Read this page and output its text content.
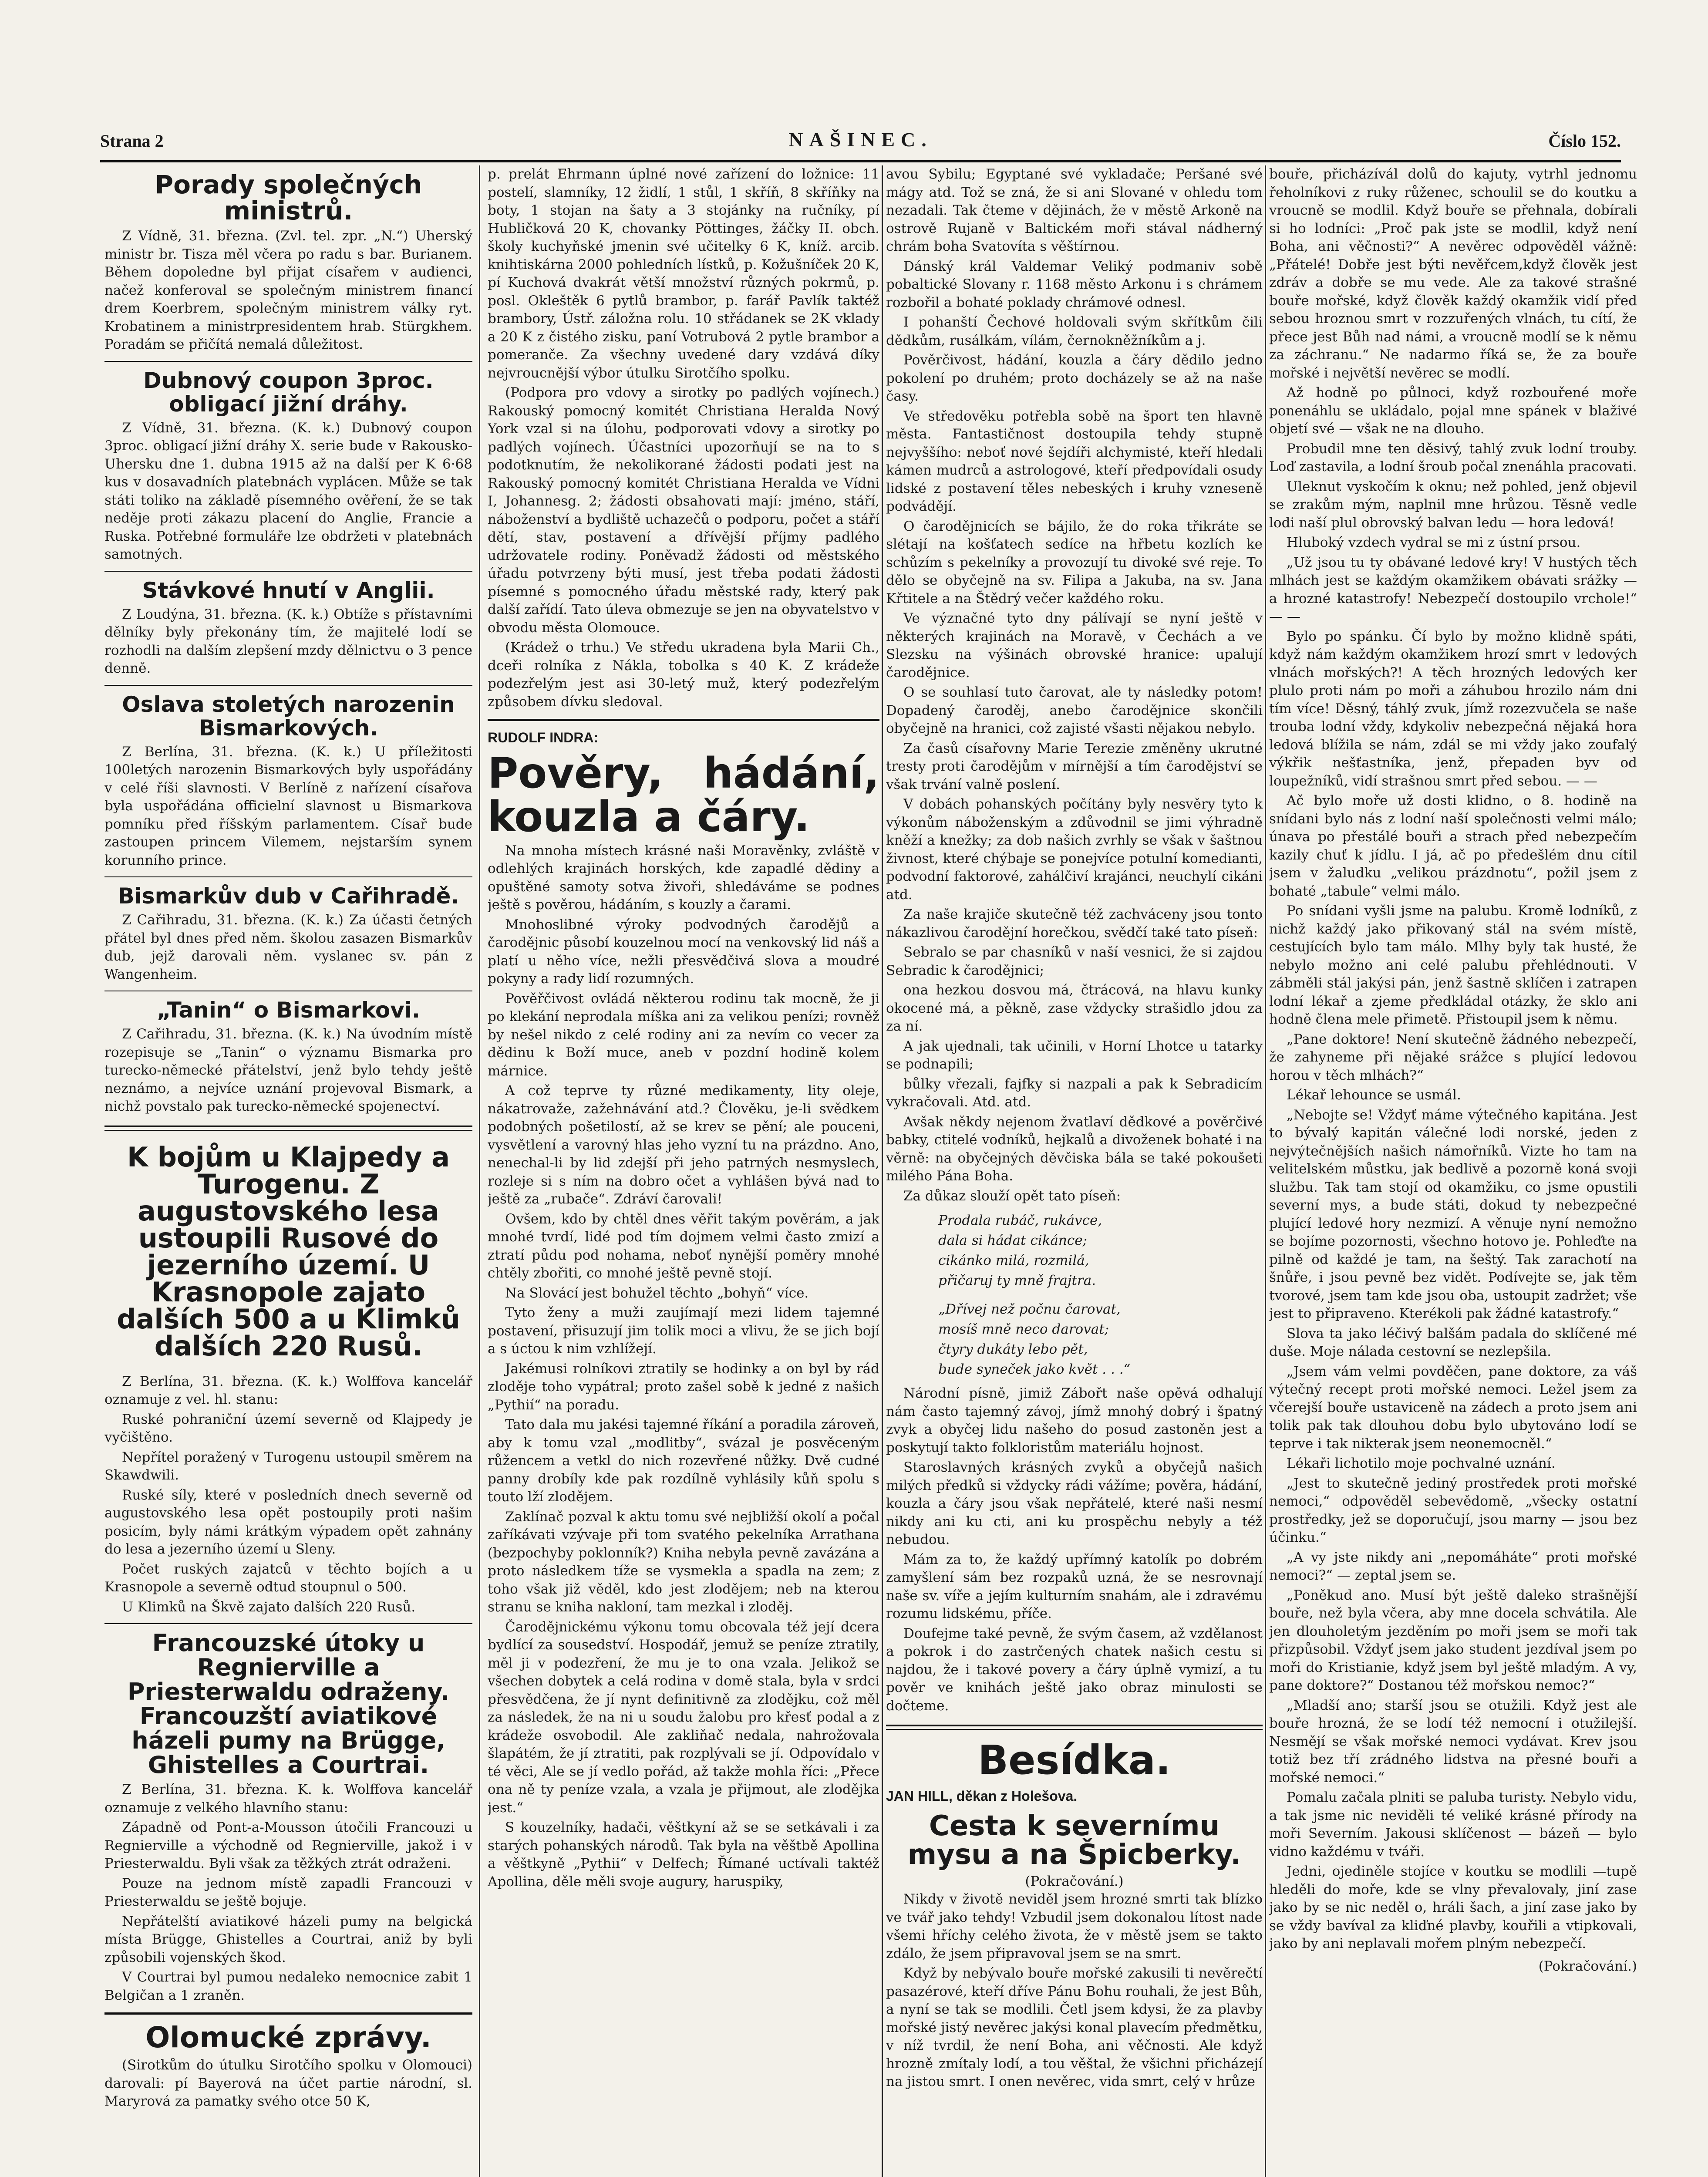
Strana 2	NAŠINEC.	Číslo 152.
Porady společných ministrů.

Z Vídně, 31. března. (Zvl. tel. zpr. „N.“) Uherský ministr br. Tisza měl včera po radu s bar. Burianem. Během dopoledne byl přijat císařem v audienci, načež konferoval se společným ministrem financí drem Koerbrem, společným ministrem války ryt. Krobatinem a ministrpresidentem hrab. Stürgkhem. Poradám se přičítá nemalá důležitost.

Dubnový coupon 3proc. obligací jižní dráhy.

Z Vídně, 31. března. (K. k.) Dubnový coupon 3proc. obligací jižní dráhy X. serie bude v Rakousko-Uhersku dne 1. dubna 1915 až na další per K 6·68 kus v dosavadních platebnách vyplácen. Může se tak státi toliko na základě písemného ověření, že se tak neděje proti zákazu placení do Anglie, Francie a Ruska. Potřebné formuláře lze obdržeti v platebnách samotných.

Stávkové hnutí v Anglii.

Z Loudýna, 31. března. (K. k.) Obtíže s přístavními dělníky byly překonány tím, že majitelé lodí se rozhodli na dalším zlepšení mzdy dělnictvu o 3 pence denně.

Oslava stoletých narozenin Bismarkových.

Z Berlína, 31. března. (K. k.) U příležitosti 100letých narozenin Bismarkových byly uspořádány v celé říši slavnosti. V Berlíně z nařízení císařova byla uspořádána officielní slavnost u Bismarkova pomníku před říšským parlamentem. Císař bude zastoupen princem Vilemem, nejstarším synem korunního prince.

Bismarkův dub v Cařihradě.

Z Cařihradu, 31. března. (K. k.) Za účasti četných přátel byl dnes před něm. školou zasazen Bismarkův dub, jejž darovali něm. vyslanec sv. pán z Wangenheim.

„Tanin“ o Bismarkovi.

Z Cařihradu, 31. března. (K. k.) Na úvodním místě rozepisuje se „Tanin“ o významu Bismarka pro turecko-německé přátelství, jenž bylo tehdy ještě neznámo, a nejvíce uznání projevoval Bismark, a nichž povstalo pak turecko-německé spojenectví.

K bojům u Klajpedy a Turogenu. Z augustovského lesa ustoupili Rusové do jezerního území. U Krasnopole zajato dalších 500 a u Klimků dalších 220 Rusů.

Z Berlína, 31. března. (K. k.) Wolffova kancelář oznamuje z vel. hl. stanu:

Ruské pohraniční území severně od Klajpedy je vyčištěno.

Nepřítel poražený v Turogenu ustoupil směrem na Skawdwili.

Ruské síly, které v posledních dnech severně od augustovského lesa opět postoupily proti našim posicím, byly námi krátkým výpadem opět zahnány do lesa a jezerního území u Sleny.

Počet ruských zajatců v těchto bojích a u Krasnopole a severně odtud stoupnul o 500.

U Klimků na Škvě zajato dalších 220 Rusů.

Francouzské útoky u Regnierville a Priesterwaldu odraženy. Francouzští aviatikové házeli pumy na Brügge, Ghistelles a Courtrai.

Z Berlína, 31. března. K. k. Wolffova kancelář oznamuje z velkého hlavního stanu:

Západně od Pont-a-Mousson útočili Francouzi u Regnierville a východně od Regnierville, jakož i v Priesterwaldu. Byli však za těžkých ztrát odraženi.

Pouze na jednom místě zapadli Francouzi v Priesterwaldu se ještě bojuje.

Nepřátelští aviatikové házeli pumy na belgická místa Brügge, Ghistelles a Courtrai, aniž by byli způsobili vojenských škod.

V Courtrai byl pumou nedaleko nemocnice zabit 1 Belgičan a 1 zraněn.

Olomucké zprávy.

(Sirotkům do útulku Sirotčího spolku v Olomouci) darovali: pí Bayerová na účet partie národní, sl. Maryrová za pamatky svého otce 50 K,

p. prelát Ehrmann úplné nové zařízení do ložnice: 11 postelí, slamníky, 12 židlí, 1 stůl, 1 skříň, 8 skříňky na boty, 1 stojan na šaty a 3 stojánky na ručníky, pí Hubličková 20 K, chovanky Pöttinges, žáčky II. obch. školy kuchyňské jmenin své učitelky 6 K, kníž. arcib. knihtiskárna 2000 pohledních lístků, p. Kožušníček 20 K, pí Kuchová dvakrát větší množství různých pokrmů, p. posl. Okleštěk 6 pytlů brambor, p. farář Pavlík taktéž brambory, Ústř. záložna rolu. 10 střádanek se 2K vklady a 20 K z čistého zisku, paní Votrubová 2 pytle brambor a pomeranče. Za všechny uvedené dary vzdává díky nejvroucnější výbor útulku Sirotčího spolku.

(Podpora pro vdovy a sirotky po padlých vojínech.) Rakouský pomocný komitét Christiana Heralda Nový York vzal si na úlohu, podporovati vdovy a sirotky po padlých vojínech. Účastníci upozorňují se na to s podotknutím, že nekolikorané žádosti podati jest na Rakouský pomocný komitét Christiana Heralda ve Vídni I, Johannesg. 2; žádosti obsahovati mají: jméno, stáří, náboženství a bydliště uchazečů o podporu, počet a stáří dětí, stav, postavení a dřívější příjmy padlého udržovatele rodiny. Poněvadž žádosti od městského úřadu potvrzeny býti musí, jest třeba podati žádosti písemné s pomocného úřadu městské rady, který pak další zařídí. Tato úleva obmezuje se jen na obyvatelstvo v obvodu města Olomouce.

(Krádež o trhu.) Ve středu ukradena byla Marii Ch., dceři rolníka z Nákla, tobolka s 40 K. Z krádeže podezřelým jest asi 30-letý muž, který podezřelým způsobem dívku sledoval.

RUDOLF INDRA:
Pověry, hádání, kouzla a čáry.

Na mnoha místech krásné naši Moravěnky, zvláště v odlehlých krajinách horských, kde zapadlé dědiny a opuštěné samoty sotva živoři, shledáváme se podnes ještě s pověrou, hádáním, s kouzly a čarami.

Mnohoslibné výroky podvodných čarodějů a čarodějnic působí kouzelnou mocí na venkovský lid náš a platí u něho více, nežli přesvědčivá slova a moudré pokyny a rady lidí rozumných.

Pověřčivost ovládá některou rodinu tak mocně, že ji po klekání neprodala míška ani za velikou penízi; rovněž by nešel nikdo z celé rodiny ani za nevím co vecer za dědinu k Boží muce, aneb v pozdní hodině kolem márnice.

A což teprve ty různé medikamenty, lity oleje, nákatrovaže, zažehnávání atd.? Člověku, je-li svědkem podobných pošetilostí, až se krev se pění; ale pouceni, vysvětlení a varovný hlas jeho vyzní tu na prázdno. Ano, nenechal-li by lid zdejší při jeho patrných nesmyslech, rozleje si s ním na dobro očet a vyhlášen bývá nad to ještě za „rubače“. Zdráví čarovali!

Ovšem, kdo by chtěl dnes věřit takým pověrám, a jak mnohé tvrdí, lidé pod tím dojmem velmi často zmizí a ztratí půdu pod nohama, neboť nynější poměry mnohé chtěly zbořiti, co mnohé ještě pevně stojí.

Na Slovácí jest bohužel těchto „bohyň“ více.

Tyto ženy a muži zaujímají mezi lidem tajemné postavení, přisuzují jim tolik moci a vlivu, že se jich bojí a s úctou k nim vzhlížejí.

Jakémusi rolníkovi ztratily se hodinky a on byl by rád zloděje toho vypátral; proto zašel sobě k jedné z našich „Pythií“ na poradu.

Tato dala mu jakési tajemné říkání a poradila zároveň, aby k tomu vzal „modlitby“, svázal je posvěceným růžencem a vetkl do nich rozevřené nůžky. Dvě cudné panny drobíly kde pak rozdílně vyhlásily kůň spolu s touto lží zlodějem.

Zaklínač pozval k aktu tomu své nejbližší okolí a počal zaříkávati vzývaje při tom svatého pekelníka Arrathana (bezpochyby poklonník?) Kniha nebyla pevně zavázána a proto následkem tíže se vysmekla a spadla na zem; z toho však již věděl, kdo jest zlodějem; neb na kterou stranu se kniha nakloní, tam mezkal i zloděj.

Čarodějnickému výkonu tomu obcovala též její dcera bydlící za sousedství. Hospodář, jemuž se peníze ztratily, měl ji v podezření, že mu je to ona vzala. Jelikož se všechen dobytek a celá rodina v domě stala, byla v srdci přesvědčena, že jí nynt definitivně za zlodějku, což měl za následek, že na ni u soudu žalobu pro křesť podal a z krádeže osvobodil. Ale zakliňač nedala, nahrožovala šlapátém, že jí ztratiti, pak rozplývali se jí. Odpovídalo v té věci, Ale se jí vedlo pořád, až takže mohla říci: „Přece ona ně ty peníze vzala, a vzala je přijmout, ale zlodějka jest.“

S kouzelníky, hadači, věštkyní až se se setkávali i za starých pohanských národů. Tak byla na věštbě Apollina a věštkyně „Pythii“ v Delfech; Římané uctívali taktéž Apollina, děle měli svoje augury, haruspiky,

avou Sybilu; Egyptané své vykladače; Peršané své mágy atd. Tož se zná, že si ani Slované v ohledu tom nezadali. Tak čteme v dějinách, že v městě Arkoně na ostrově Rujaně v Baltickém moři stával nádherný chrám boha Svatovíta s věštírnou.

Dánský král Valdemar Veliký podmaniv sobě pobaltické Slovany r. 1168 město Arkonu i s chrámem rozbořil a bohaté poklady chrámové odnesl.

I pohanští Čechové holdovali svým skřítkům čili dědkům, rusálkám, vílám, černokněžníkům a j.

Pověrčivost, hádání, kouzla a čáry dědilo jedno pokolení po druhém; proto docházely se až na naše časy.

Ve středověku potřebla sobě na šport ten hlavně města. Fantastičnost dostoupila tehdy stupně nejvyššího: neboť nové šejdíři alchymisté, kteří hledali kámen mudrců a astrologové, kteří předpovídali osudy lidské z postavení těles nebeských i kruhy vzneseně podvádějí.

O čarodějnicích se bájilo, že do roka třikráte se slétají na košťatech sedíce na hřbetu kozlích ke schůzím s pekelníky a provozují tu divoké své reje. To dělo se obyčejně na sv. Filipa a Jakuba, na sv. Jana Křtitele a na Štědrý večer každého roku.

Ve význačné tyto dny pálívají se nyní ještě v některých krajinách na Moravě, v Čechách a ve Slezsku na výšinách obrovské hranice: upalují čarodějnice.

O se souhlasí tuto čarovat, ale ty následky potom! Dopadený čaroděj, anebo čarodějnice skončili obyčejně na hranici, což zajisté všasti nějakou nebylo.

Za časů císařovny Marie Terezie změněny ukrutné tresty proti čarodějům v mírnější a tím čarodějství se však trvání valně poslení.

V dobách pohanských počítány byly nesvěry tyto k výkonům náboženským a zdůvodnil se jimi výhradně kněží a knežky; za dob našich zvrhly se však v šaštnou živnost, které chýbaje se ponejvíce potulní komedianti, podvodní faktorové, zahálčiví krajánci, neuchylí cikáni atd.

Za naše krajiče skutečně též zachváceny jsou tonto nákazlivou čarodějní horečkou, svědčí také tato píseň:

Sebralo se par chasníků v naší vesnici, že si zajdou Sebradic k čarodějnici;

ona hezkou dosvou má, čtrácová, na hlavu kunky okocené má, a pěkně, zase vždycky strašidlo jdou za za ní.

A jak ujednali, tak učinili, v Horní Lhotce u tatarky se podnapili;

bůlky vřezali, fajfky si nazpali a pak k Sebradicím vykračovali. Atd. atd.

Avšak někdy nejenom žvatlaví dědkové a pověrčivé babky, ctitelé vodníků, hejkalů a divoženek bohaté i na věrně: na obyčejných děvčiska bála se také pokoušeti milého Pána Boha.

Za důkaz slouží opět tato píseň:

Prodala rubáč, rukávce,
dala si hádat cikánce;
cikánko milá, rozmilá,
přičaruj ty mně frajtra.
„Dřívej než počnu čarovat,
mosíš mně neco darovat;
čtyry dukáty lebo pět,
bude syneček jako květ . . .“

Národní písně, jimiž Zábořt naše opěvá odhalují nám často tajemný závoj, jímž mnohý dobrý i špatný zvyk a obyčej lidu našeho do posud zastoněn jest a poskytují takto folkloristům materiálu hojnost.

Staroslavných krásných zvyků a obyčejů našich milých předků si vždycky rádi vážíme; pověra, hádání, kouzla a čáry jsou však nepřátelé, které naši nesmí nikdy ani ku cti, ani ku prospěchu nebyly a též nebudou.

Mám za to, že každý upřímný katolík po dobrém zamyšlení sám bez rozpaků uzná, že se nesrovnají naše sv. víře a jejím kulturním snahám, ale i zdravému rozumu lidskému, příče.

Doufejme také pevně, že svým časem, až vzdělanost a pokrok i do zastrčených chatek našich cestu si najdou, že i takové povery a čáry úplně vymizí, a tu pověr ve knihách ještě jako obraz minulosti se dočteme.

Besídka.
JAN HILL, děkan z Holešova.
Cesta k severnímu mysu a na Špicberky.
(Pokračování.)

Nikdy v životě neviděl jsem hrozné smrti tak blízko ve tvář jako tehdy! Vzbudil jsem dokonalou lítost nade všemi hříchy celého života, že v městě jsem se takto zdálo, že jsem připravoval jsem se na smrt.

Když by nebývalo bouře mořské zakusili ti nevěrečtí pasazérové, kteří dříve Pánu Bohu rouhali, že jest Bůh, a nyní se tak se modlili. Četl jsem kdysi, že za plavby mořské jistý nevěrec jakýsi konal plavecím předmětku, v níž tvrdil, že není Boha, ani věčnosti. Ale když hrozně zmítaly lodí, a tou věštal, že všichni přicházejí na jistou smrt. I onen nevěrec, vida smrt, celý v hrůze

bouře, přicházívál dolů do kajuty, vytrhl jednomu řeholníkovi z ruky růženec, schoulil se do koutku a vroucně se modlil. Když bouře se přehnala, dobírali si ho lodníci: „Proč pak jste se modlil, když není Boha, ani věčnosti?“ A nevěrec odpověděl vážně: „Přátelé! Dobře jest býti nevěřcem,když člověk jest zdráv a dobře se mu vede. Ale za takové strašné bouře mořské, když člověk každý okamžik vidí před sebou hroznou smrt v rozzuřených vlnách, tu cítí, že přece jest Bůh nad námi, a vroucně modlí se k němu za záchranu.“ Ne nadarmo říká se, že za bouře mořské i největší nevěrec se modlí.

Až hodně po půlnoci, když rozbouřené moře ponenáhlu se ukládalo, pojal mne spánek v blaživé objetí své — však ne na dlouho.

Probudil mne ten děsivý, tahlý zvuk lodní trouby. Loď zastavila, a lodní šroub počal znenáhla pracovati.

Uleknut vyskočím k oknu; než pohled, jenž objevil se zrakům mým, naplnil mne hrůzou. Těsně vedle lodi naší plul obrovský balvan ledu — hora ledová!

Hluboký vzdech vydral se mi z ústní prsou.

„Už jsou tu ty obávané ledové kry! V hustých těch mlhách jest se každým okamžikem obávati srážky — a hrozné katastrofy! Nebezpečí dostoupilo vrchole!“ — —

Bylo po spánku. Čí bylo by možno klidně spáti, když nám každým okamžikem hrozí smrt v ledových vlnách mořských?! A těch hrozných ledových ker plulo proti nám po moři a záhubou hrozilo nám dni tím více! Děsný, táhlý zvuk, jímž rozezvučela se naše trouba lodní vždy, kdykoliv nebezpečná nějaká hora ledová blížila se nám, zdál se mi vždy jako zoufalý výkřik nešťastníka, jenž, přepaden byv od loupežníků, vidí strašnou smrt před sebou. — —

Ač bylo moře už dosti klidno, o 8. hodině na snídani bylo nás z lodní naší společnosti velmi málo; únava po přestálé bouři a strach před nebezpečím kazily chuť k jídlu. I já, ač po předešlém dnu cítil jsem v žaludku „velikou prázdnotu“, požil jsem z bohaté „tabule“ velmi málo.

Po snídani vyšli jsme na palubu. Kromě lodníků, z nichž každý jako přikovaný stál na svém místě, cestujících bylo tam málo. Mlhy byly tak husté, že nebylo možno ani celé palubu přehlédnouti. V zábměli stál jakýsi pán, jenž šastně sklíčen i zatrapen lodní lékař a zjeme předkládal otázky, že sklo ani hodně člena mele přimetě. Přistoupil jsem k němu.

„Pane doktore! Není skutečně žádného nebezpečí, že zahyneme při nějaké srážce s plující ledovou horou v těch mlhách?“

Lékař lehounce se usmál.

„Nebojte se! Vždyť máme výtečného kapitána. Jest to bývalý kapitán válečné lodi norské, jeden z nejvýtečnějších našich námořníků. Vizte ho tam na velitelském můstku, jak bedlivě a pozorně koná svoji službu. Tak tam stojí od okamžiku, co jsme opustili severní mys, a bude státi, dokud ty nebezpečné plující ledové hory nezmizí. A věnuje nyní nemožno se bojíme pozornosti, všechno hotovo je. Pohleďte na pilně od každé je tam, na šeštý. Tak zarachotí na šnůře, i jsou pevně bez vidět. Podívejte se, jak těm tvorové, jsem tam kde jsou oba, ustoupit zadržet; vše jest to připraveno. Kterékoli pak žádné katastrofy.“

Slova ta jako léčivý balšám padala do sklíčené mé duše. Moje nálada cestovní se nezlepšila.

„Jsem vám velmi povděčen, pane doktore, za váš výtečný recept proti mořské nemoci. Ležel jsem za včerejší bouře ustaviceně na zádech a proto jsem ani tolik pak tak dlouhou dobu bylo ubytováno lodí se teprve i tak nikterak jsem neonemocněl.“

Lékaři lichotilo moje pochvalné uznání.

„Jest to skutečně jediný prostředek proti mořské nemoci,“ odpověděl sebevědomě, „všecky ostatní prostředky, jež se doporučují, jsou marny — jsou bez účinku.“

„A vy jste nikdy ani „nepomáháte“ proti mořské nemoci?“ — zeptal jsem se.

„Poněkud ano. Musí být ještě daleko strašnější bouře, než byla včera, aby mne docela schvátila. Ale jen dlouholetým jezděním po moři jsem se moři tak přizpůsobil. Vždyť jsem jako student jezdíval jsem po moři do Kristianie, když jsem byl ještě mladým. A vy, pane doktore?“ Dostanou též mořskou nemoc?“

„Mladší ano; starší jsou se otužili. Když jest ale bouře hrozná, že se lodí též nemocní i otužilejší. Nesmějí se však mořské nemoci vydávat. Krev jsou totiž bez tří zrádného lidstva na přesné bouři a mořské nemoci.“

Pomalu začala plniti se paluba turisty. Nebylo vidu, a tak jsme nic neviděli té veliké krásné přírody na moři Severním. Jakousi sklíčenost — bázeň — bylo vidno každému v tváři.

Jedni, ojediněle stojíce v koutku se modlili —tupě hleděli do moře, kde se vlny převalovaly, jiní zase jako by se nic neděl o, hráli šach, a jiní zase jako by se vždy bavíval za kliďné plavby, kouřili a vtipkovali, jako by ani neplavali mořem plným nebezpečí.

(Pokračování.)
